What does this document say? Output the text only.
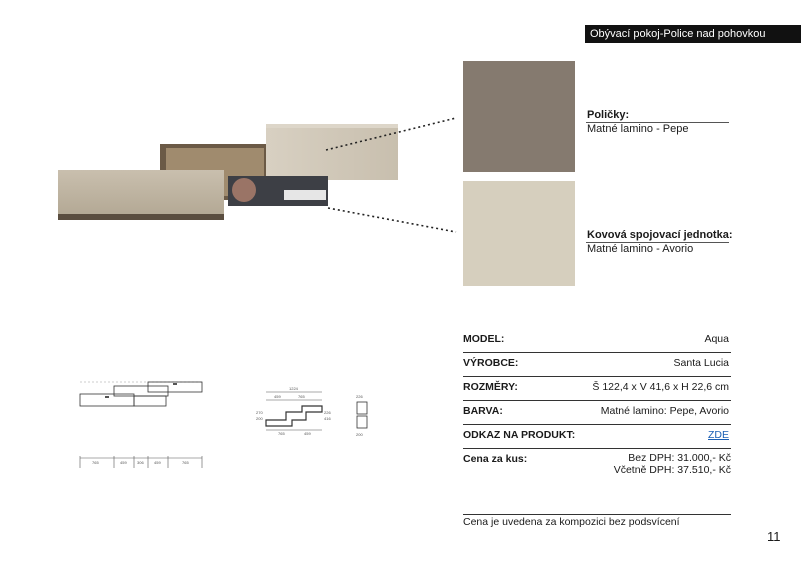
Obývací pokoj-Police nad pohovkou
Poličky:
Matné lamino - Pepe
Kovová spojovací jednotka:
Matné lamino - Avorio
765	459	306	459	765
1224
459	765
765	459
270
200
226
416
226
200
MODEL:	Aqua
VÝROBCE:	Santa Lucia
ROZMĚRY:	Š 122,4 x V 41,6 x H 22,6 cm
BARVA:	Matné lamino: Pepe, Avorio
ODKAZ NA PRODUKT:	ZDE
Cena za kus:	Bez DPH: 31.000,- Kč
Včetně DPH: 37.510,- Kč
Cena je uvedena za kompozici bez podsvícení
11
